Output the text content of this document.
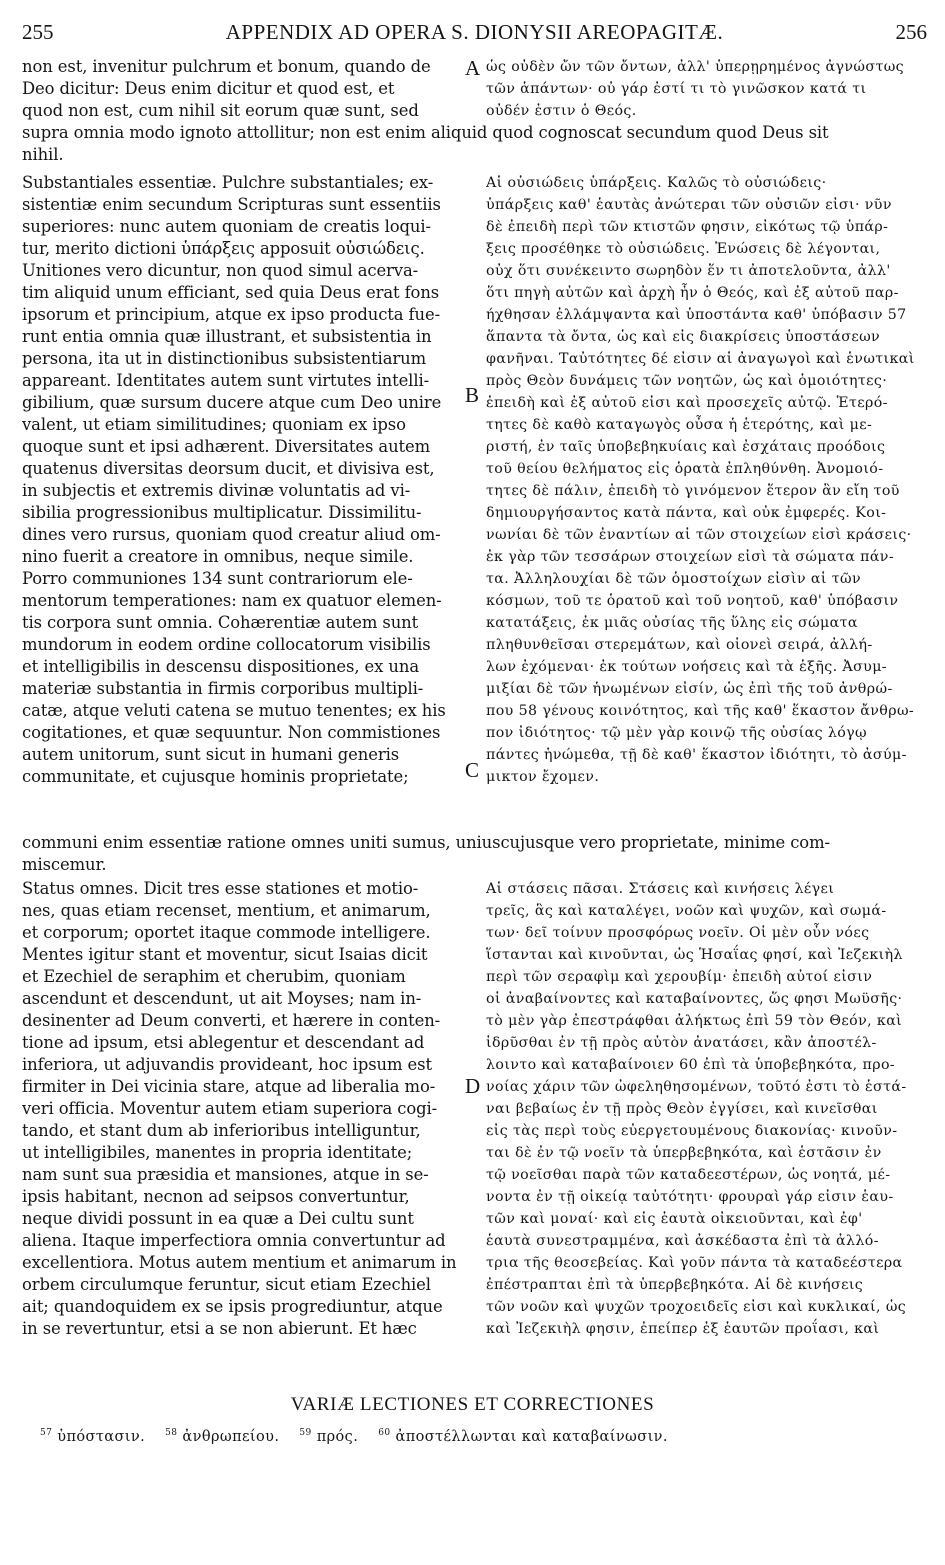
255	APPENDIX AD OPERA S. DIONYSII AREOPAGITÆ.	256
A
B
C
D
non est, invenitur pulchrum et bonum, quando de
Deo dicitur: Deus enim dicitur et quod est, et
quod non est, cum nihil sit eorum quæ sunt, sed
ὡς οὐδὲν ὤν τῶν ὄντων, ἀλλ' ὑπερῃρημένος ἀγνώστως
τῶν ἁπάντων· οὐ γάρ ἐστί τι τὸ γινῶσκον κατά τι
οὐδέν ἐστιν ὁ Θεός.
supra omnia modo ignoto attollitur; non est enim aliquid quod cognoscat secundum quod Deus sit
nihil.
Substantiales essentiæ. Pulchre substantiales; ex-
sistentiæ enim secundum Scripturas sunt essentiis
superiores: nunc autem quoniam de creatis loqui-
tur, merito dictioni ὑπάρξεις apposuit οὐσιώδεις.
Unitiones vero dicuntur, non quod simul acerva-
tim aliquid unum efficiant, sed quia Deus erat fons
ipsorum et principium, atque ex ipso producta fue-
runt entia omnia quæ illustrant, et subsistentia in
persona, ita ut in distinctionibus subsistentiarum
appareant. Identitates autem sunt virtutes intelli-
gibilium, quæ sursum ducere atque cum Deo unire
valent, ut etiam similitudines; quoniam ex ipso
quoque sunt et ipsi adhærent. Diversitates autem
quatenus diversitas deorsum ducit, et divisiva est,
in subjectis et extremis divinæ voluntatis ad vi-
sibilia progressionibus multiplicatur. Dissimilitu-
dines vero rursus, quoniam quod creatur aliud om-
nino fuerit a creatore in omnibus, neque simile.
Porro communiones 134 sunt contrariorum ele-
mentorum temperationes: nam ex quatuor elemen-
tis corpora sunt omnia. Cohærentiæ autem sunt
mundorum in eodem ordine collocatorum visibilis
et intelligibilis in descensu dispositiones, ex una
materiæ substantia in firmis corporibus multipli-
catæ, atque veluti catena se mutuo tenentes; ex his
cogitationes, et quæ sequuntur. Non commistiones
autem unitorum, sunt sicut in humani generis
communitate, et cujusque hominis proprietate;
Αἱ οὐσιώδεις ὑπάρξεις. Καλῶς τὸ οὐσιώδεις·
ὑπάρξεις καθ' ἑαυτὰς ἀνώτεραι τῶν οὐσιῶν εἰσι· νῦν
δὲ ἐπειδὴ περὶ τῶν κτιστῶν φησιν, εἰκότως τῷ ὑπάρ-
ξεις προσέθηκε τὸ οὐσιώδεις. Ἑνώσεις δὲ λέγονται,
οὐχ ὅτι συνέκειντο σωρηδὸν ἕν τι ἀποτελοῦντα, ἀλλ'
ὅτι πηγὴ αὐτῶν καὶ ἀρχὴ ἦν ὁ Θεός, καὶ ἐξ αὐτοῦ παρ-
ήχθησαν ἐλλάμψαντα καὶ ὑποστάντα καθ' ὑπόβασιν 57
ἅπαντα τὰ ὄντα, ὡς καὶ εἰς διακρίσεις ὑποστάσεων
φανῆναι. Ταὐτότητες δέ εἰσιν αἱ ἀναγωγοὶ καὶ ἑνωτικαὶ
πρὸς Θεὸν δυνάμεις τῶν νοητῶν, ὡς καὶ ὁμοιότητες·
ἐπειδὴ καὶ ἐξ αὐτοῦ εἰσι καὶ προσεχεῖς αὐτῷ. Ἑτερό-
τητες δὲ καθὸ καταγωγὸς οὖσα ἡ ἑτερότης, καὶ με-
ριστή, ἐν ταῖς ὑποβεβηκυίαις καὶ ἐσχάταις προόδοις
τοῦ θείου θελήματος εἰς ὁρατὰ ἐπληθύνθη. Ἀνομοιό-
τητες δὲ πάλιν, ἐπειδὴ τὸ γινόμενον ἕτερον ἂν εἴη τοῦ
δημιουργήσαντος κατὰ πάντα, καὶ οὐκ ἐμφερές. Κοι-
νωνίαι δὲ τῶν ἐναντίων αἱ τῶν στοιχείων εἰσὶ κράσεις·
ἐκ γὰρ τῶν τεσσάρων στοιχείων εἰσὶ τὰ σώματα πάν-
τα. Ἀλληλουχίαι δὲ τῶν ὁμοστοίχων εἰσὶν αἱ τῶν
κόσμων, τοῦ τε ὁρατοῦ καὶ τοῦ νοητοῦ, καθ' ὑπόβασιν
κατατάξεις, ἐκ μιᾶς οὐσίας τῆς ὕλης εἰς σώματα
πληθυνθεῖσαι στερεμάτων, καὶ οἱονεὶ σειρά, ἀλλή-
λων ἐχόμεναι· ἐκ τούτων νοήσεις καὶ τὰ ἑξῆς. Ἀσυμ-
μιξίαι δὲ τῶν ἡνωμένων εἰσίν, ὡς ἐπὶ τῆς τοῦ ἀνθρώ-
που 58 γένους κοινότητος, καὶ τῆς καθ' ἕκαστον ἄνθρω-
πον ἰδιότητος· τῷ μὲν γὰρ κοινῷ τῆς οὐσίας λόγῳ
πάντες ἡνώμεθα, τῇ δὲ καθ' ἕκαστον ἰδιότητι, τὸ ἀσύμ-
μικτον ἔχομεν.
communi enim essentiæ ratione omnes uniti sumus, uniuscujusque vero proprietate, minime com-
miscemur.
Status omnes. Dicit tres esse stationes et motio-
nes, quas etiam recenset, mentium, et animarum,
et corporum; oportet itaque commode intelligere.
Mentes igitur stant et moventur, sicut Isaias dicit
et Ezechiel de seraphim et cherubim, quoniam
ascendunt et descendunt, ut ait Moyses; nam in-
desinenter ad Deum converti, et hærere in conten-
tione ad ipsum, etsi ablegentur et descendant ad
inferiora, ut adjuvandis provideant, hoc ipsum est
firmiter in Dei vicinia stare, atque ad liberalia mo-
veri officia. Moventur autem etiam superiora cogi-
tando, et stant dum ab inferioribus intelliguntur,
ut intelligibiles, manentes in propria identitate;
nam sunt sua præsidia et mansiones, atque in se-
ipsis habitant, necnon ad seipsos convertuntur,
neque dividi possunt in ea quæ a Dei cultu sunt
aliena. Itaque imperfectiora omnia convertuntur ad
excellentiora. Motus autem mentium et animarum in
orbem circulumque feruntur, sicut etiam Ezechiel
ait; quandoquidem ex se ipsis progrediuntur, atque
in se revertuntur, etsi a se non abierunt. Et hæc
Αἱ στάσεις πᾶσαι. Στάσεις καὶ κινήσεις λέγει
τρεῖς, ἃς καὶ καταλέγει, νοῶν καὶ ψυχῶν, καὶ σωμά-
των· δεῖ τοίνυν προσφόρως νοεῖν. Οἱ μὲν οὖν νόες
ἵστανται καὶ κινοῦνται, ὡς Ἡσαΐας φησί, καὶ Ἰεζεκιὴλ
περὶ τῶν σεραφὶμ καὶ χερουβίμ· ἐπειδὴ αὐτοί εἰσιν
οἱ ἀναβαίνοντες καὶ καταβαίνοντες, ὥς φησι Μωϋσῆς·
τὸ μὲν γὰρ ἐπεστράφθαι ἀλήκτως ἐπὶ 59 τὸν Θεόν, καὶ
ἱδρῦσθαι ἐν τῇ πρὸς αὐτὸν ἀνατάσει, κἂν ἀποστέλ-
λοιντο καὶ καταβαίνοιεν 60 ἐπὶ τὰ ὑποβεβηκότα, προ-
νοίας χάριν τῶν ὠφεληθησομένων, τοῦτό ἐστι τὸ ἑστά-
ναι βεβαίως ἐν τῇ πρὸς Θεὸν ἐγγίσει, καὶ κινεῖσθαι
εἰς τὰς περὶ τοὺς εὐεργετουμένους διακονίας· κινοῦν-
ται δὲ ἐν τῷ νοεῖν τὰ ὑπερβεβηκότα, καὶ ἑστᾶσιν ἐν
τῷ νοεῖσθαι παρὰ τῶν καταδεεστέρων, ὡς νοητά, μέ-
νοντα ἐν τῇ οἰκείᾳ ταὐτότητι· φρουραὶ γάρ εἰσιν ἑαυ-
τῶν καὶ μοναί· καὶ εἰς ἑαυτὰ οἰκειοῦνται, καὶ ἐφ'
ἑαυτὰ συνεστραμμένα, καὶ ἀσκέδαστα ἐπὶ τὰ ἀλλό-
τρια τῆς θεοσεβείας. Καὶ γοῦν πάντα τὰ καταδεέστερα
ἐπέστραπται ἐπὶ τὰ ὑπερβεβηκότα. Αἱ δὲ κινήσεις
τῶν νοῶν καὶ ψυχῶν τροχοειδεῖς εἰσι καὶ κυκλικαί, ὡς
καὶ Ἰεζεκιὴλ φησιν, ἐπείπερ ἐξ ἑαυτῶν προΐασι, καὶ
VARIÆ LECTIONES ET CORRECTIONES
$^{57}$ ὑπόστασιν. $^{58}$ ἀνθρωπείου. $^{59}$ πρός. $^{60}$ ἀποστέλλωνται καὶ καταβαίνωσιν.
